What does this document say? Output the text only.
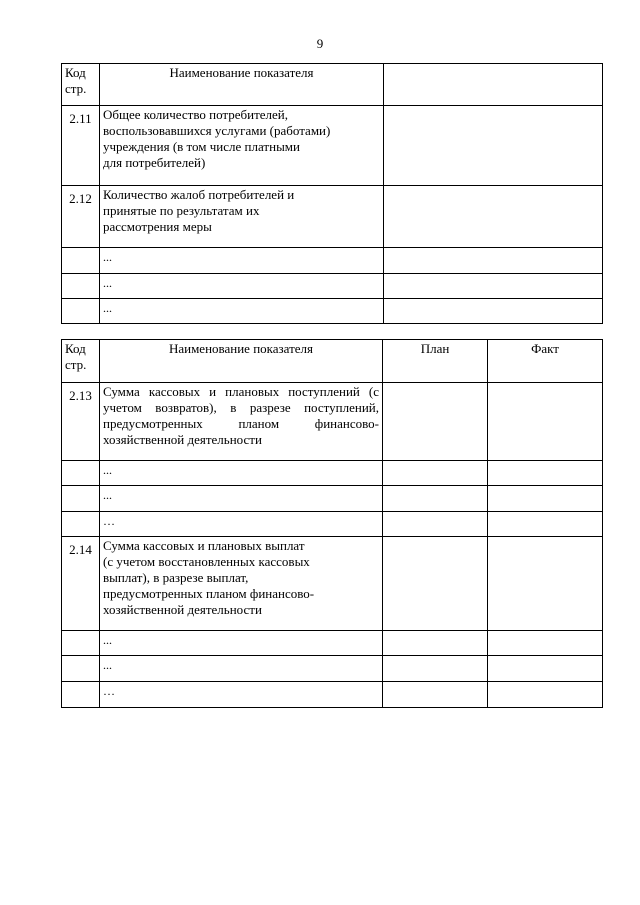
9
Код
стр.	Наименование показателя	
2.11	Общее количество потребителей,
воспользовавшихся услугами (работами)
учреждения (в том числе платными
для потребителей)	

2.12	Количество жалоб потребителей и
принятые по результатам их
рассмотрения меры	

	...	
	...	
	...	
Код
стр.	Наименование показателя	План	Факт
2.13	Сумма кассовых и плановых поступлений (с учетом возвратов), в разрезе поступлений, предусмотренных планом финансово-хозяйственной деятельности		
	...		
	...		
	…		
2.14	Сумма кассовых и плановых выплат
(с учетом восстановленных кассовых
выплат), в разрезе выплат,
предусмотренных планом финансово-
хозяйственной деятельности		

	...		
	...		
	…		
